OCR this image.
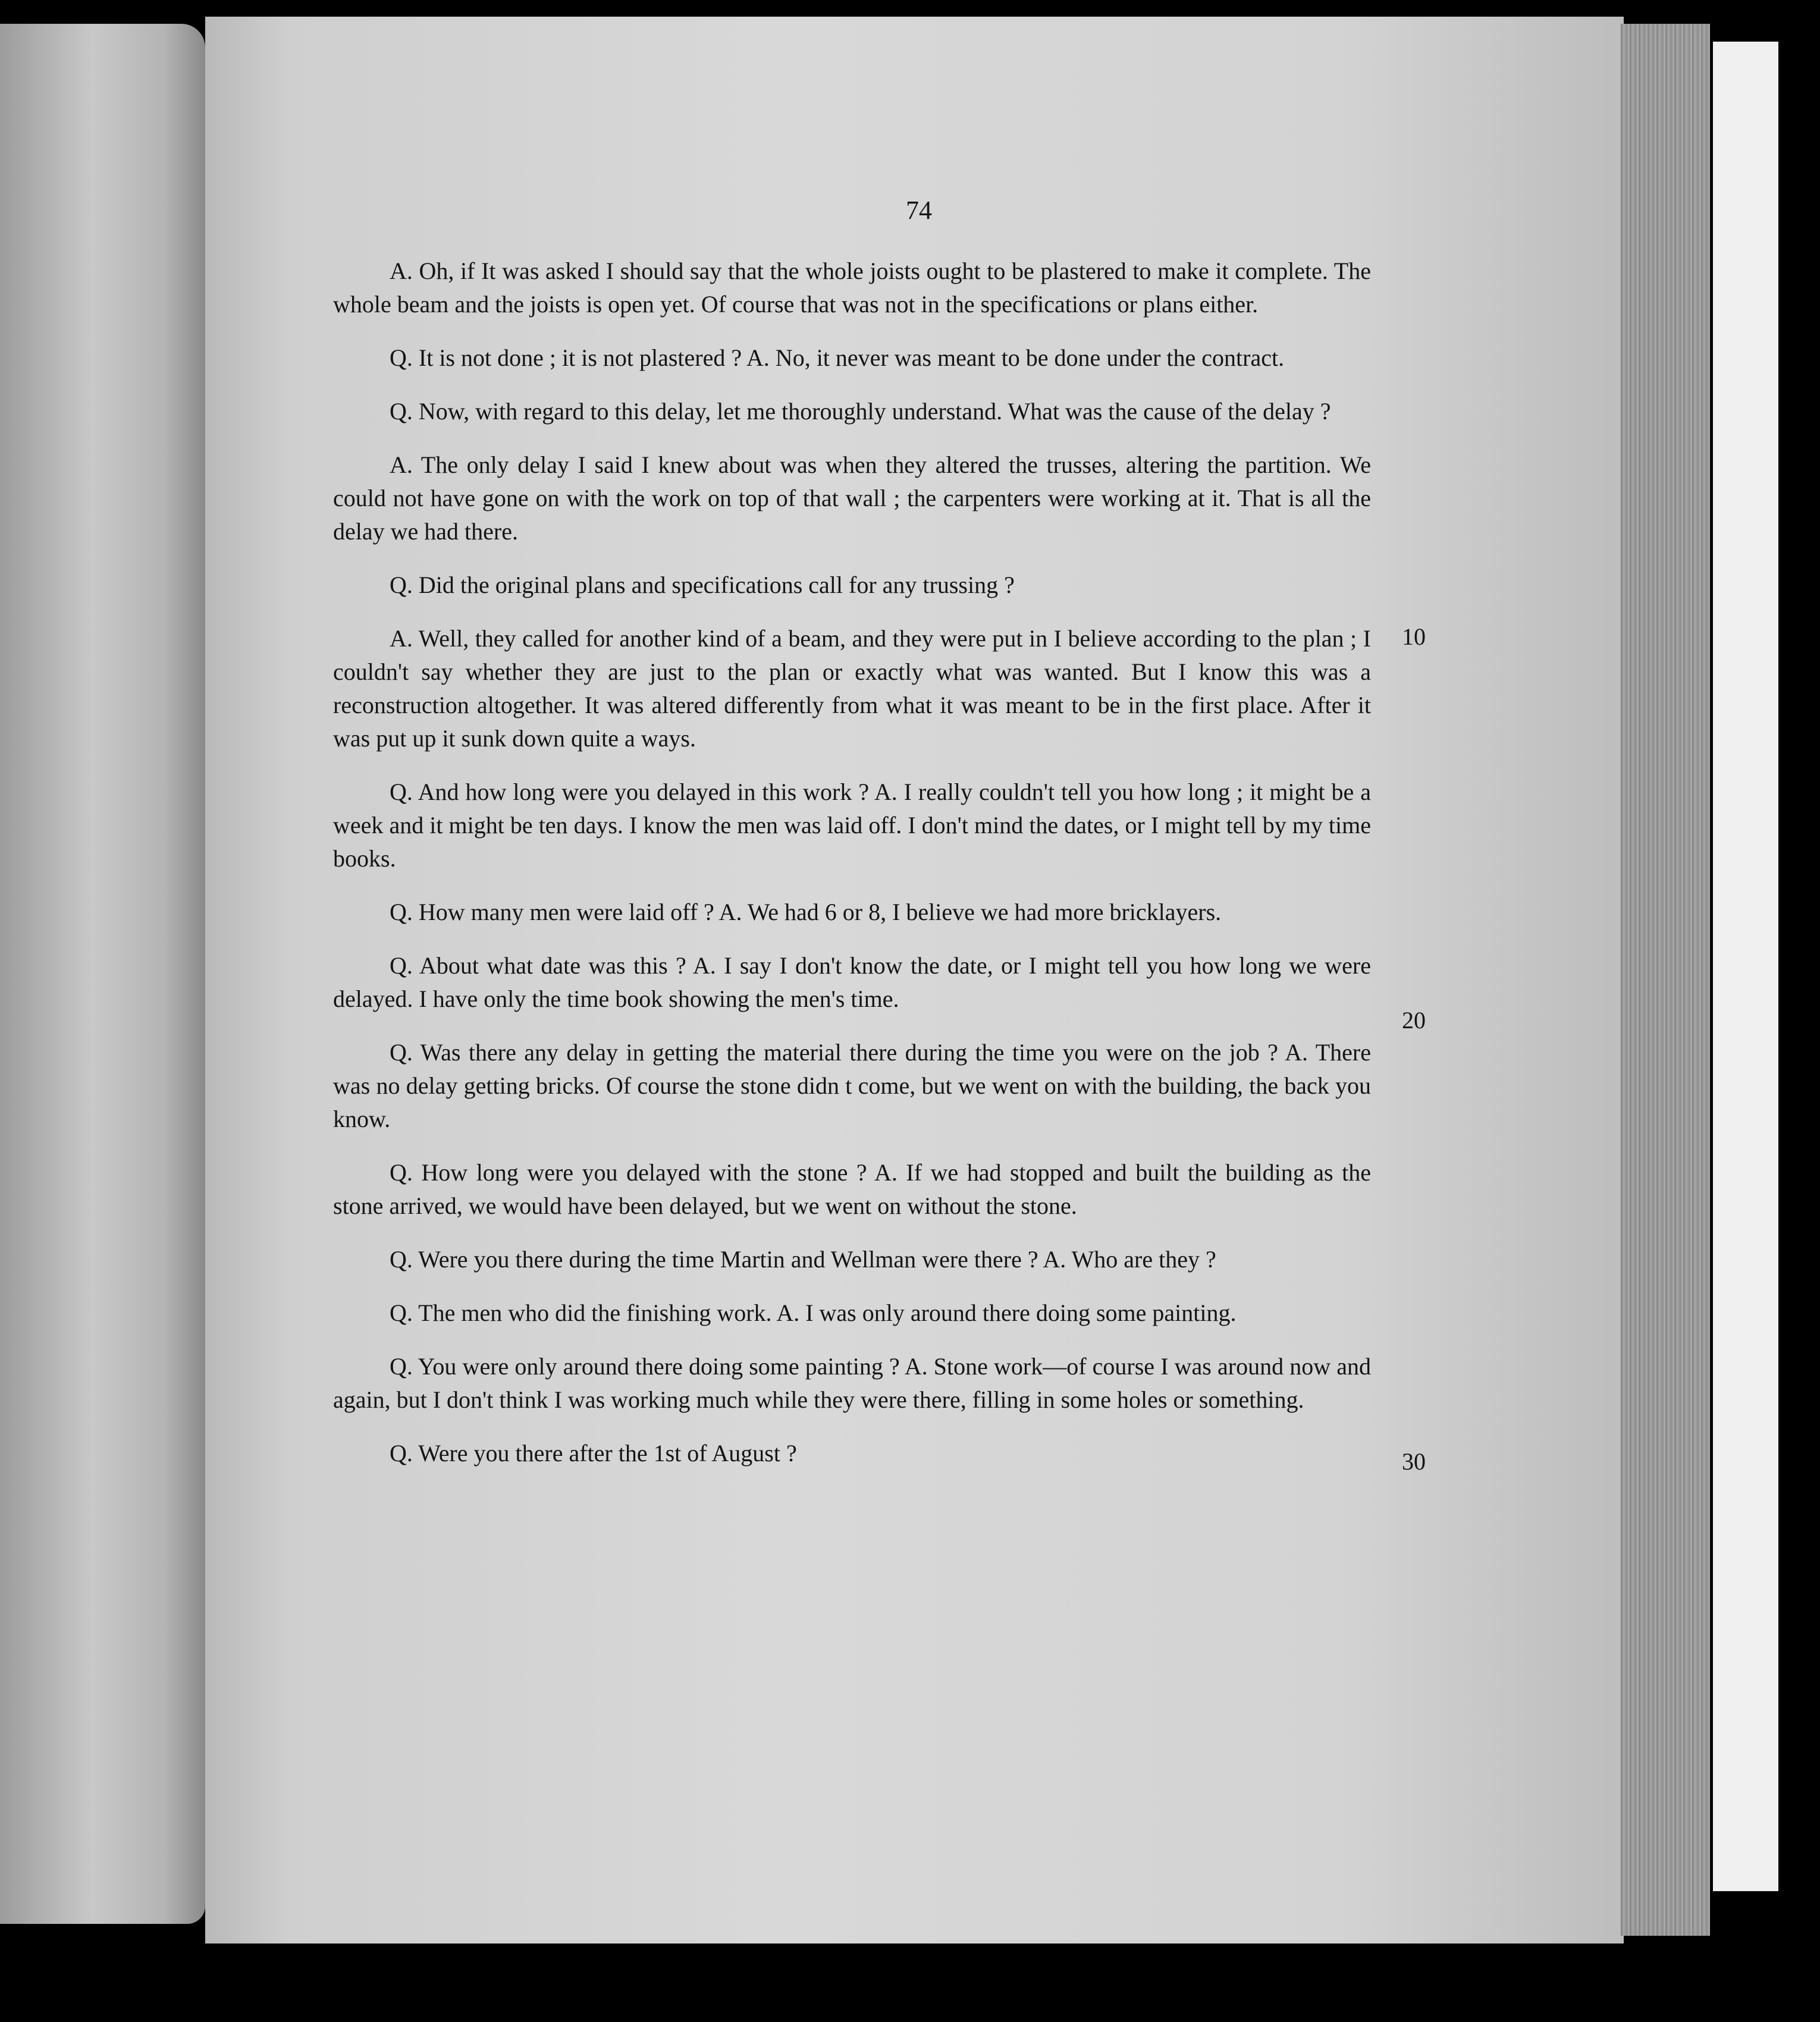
74

A. Oh, if It was asked I should say that the whole joists ought to be plastered to make it complete. The whole beam and the joists is open yet. Of course that was not in the specifications or plans either.

Q. It is not done ; it is not plastered ? A. No, it never was meant to be done under the contract.

Q. Now, with regard to this delay, let me thoroughly understand. What was the cause of the delay ?

A. The only delay I said I knew about was when they altered the trusses, altering the partition. We could not have gone on with the work on top of that wall ; the carpenters were working at it. That is all the delay we had there.

Q. Did the original plans and specifications call for any trussing ?

A. Well, they called for another kind of a beam, and they were put in I believe according to the plan ; I couldn't say whether they are just to the plan or exactly what was wanted. But I know this was a reconstruction altogether. It was altered differently from what it was meant to be in the first place. After it was put up it sunk down quite a ways.

Q. And how long were you delayed in this work ? A. I really couldn't tell you how long ; it might be a week and it might be ten days. I know the men was laid off. I don't mind the dates, or I might tell by my time books.

Q. How many men were laid off ? A. We had 6 or 8, I believe we had more bricklayers.

Q. About what date was this ? A. I say I don't know the date, or I might tell you how long we were delayed. I have only the time book showing the men's time.

Q. Was there any delay in getting the material there during the time you were on the job ? A. There was no delay getting bricks. Of course the stone didn t come, but we went on with the building, the back you know.

Q. How long were you delayed with the stone ? A. If we had stopped and built the building as the stone arrived, we would have been delayed, but we went on without the stone.

Q. Were you there during the time Martin and Wellman were there ? A. Who are they ?

Q. The men who did the finishing work. A. I was only around there doing some painting.

Q. You were only around there doing some painting ? A. Stone work—of course I was around now and again, but I don't think I was working much while they were there, filling in some holes or something.

Q. Were you there after the 1st of August ?

10
20
30
